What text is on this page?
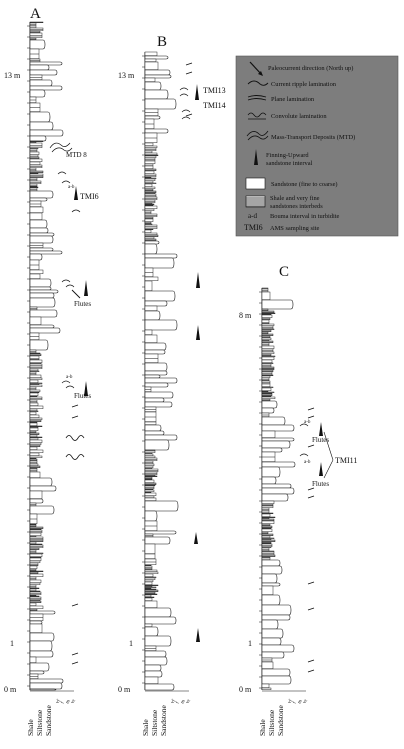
A
13 m
1
0 m
Shale Siltstone Sandstone
vf
f m
vc
MTD 8
TMI6
a-b
Flutes
Flutes
a-b
B
13 m
1
0 m
Shale Siltstone Sandstone
vf
f m
vc
TMI13
TMI14
C
8 m
1
0 m
Shale Siltstone Sandstone
vf
f m
vc
a-b
Flutes
a-b
Flutes
TMI11
a-d
TMI6
Paleocurrent direction (North up)
Current ripple lamination
Plane lamination
Convolute lamination
Mass-Transport Deposits (MTD)
Finning-Upward
sandstone interval
Sandstone (fine to coarse)
Shale and very fine
sandstones interbeds
Bouma interval in turbidite
AMS sampling site
